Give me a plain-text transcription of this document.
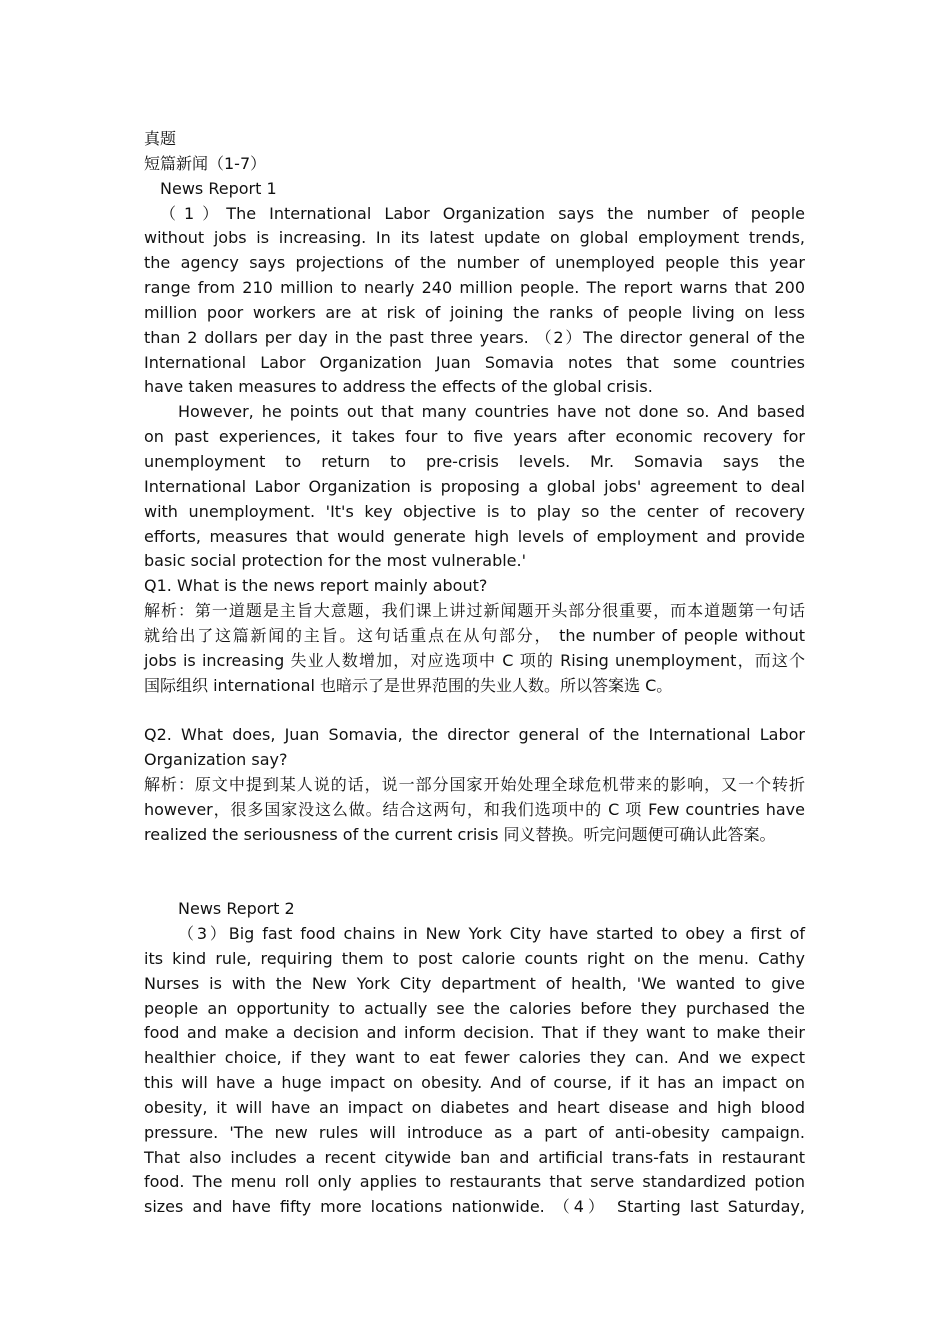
真题
短篇新闻（1-7）
News Report 1
（1）The International Labor Organization says the number of people
without jobs is increasing. In its latest update on global employment trends,
the agency says projections of the number of unemployed people this year
range from 210 million to nearly 240 million people. The report warns that 200
million poor workers are at risk of joining the ranks of people living on less
than 2 dollars per day in the past three years. （2）The director general of the
International Labor Organization Juan Somavia notes that some countries
have taken measures to address the effects of the global crisis.
However, he points out that many countries have not done so. And based
on past experiences, it takes four to five years after economic recovery for
unemployment to return to pre-crisis levels. Mr. Somavia says the
International Labor Organization is proposing a global jobs' agreement to deal
with unemployment. 'It's key objective is to play so the center of recovery
efforts, measures that would generate high levels of employment and provide
basic social protection for the most vulnerable.'
Q1. What is the news report mainly about?
解析：第一道题是主旨大意题，我们课上讲过新闻题开头部分很重要，而本道题第一句话
就给出了这篇新闻的主旨。这句话重点在从句部分， the number of people without
jobs is increasing 失业人数增加，对应选项中 C 项的 Rising unemployment，而这个
国际组织 international 也暗示了是世界范围的失业人数。所以答案选 C。
Q2. What does, Juan Somavia, the director general of the International Labor
Organization say?
解析：原文中提到某人说的话，说一部分国家开始处理全球危机带来的影响，又一个转折
however，很多国家没这么做。结合这两句，和我们选项中的 C 项 Few countries have
realized the seriousness of the current crisis 同义替换。听完问题便可确认此答案。
News Report 2
（3）Big fast food chains in New York City have started to obey a first of
its kind rule, requiring them to post calorie counts right on the menu. Cathy
Nurses is with the New York City department of health, 'We wanted to give
people an opportunity to actually see the calories before they purchased the
food and make a decision and inform decision. That if they want to make their
healthier choice, if they want to eat fewer calories they can. And we expect
this will have a huge impact on obesity. And of course, if it has an impact on
obesity, it will have an impact on diabetes and heart disease and high blood
pressure. 'The new rules will introduce as a part of anti-obesity campaign.
That also includes a recent citywide ban and artificial trans-fats in restaurant
food. The menu roll only applies to restaurants that serve standardized potion
sizes and have fifty more locations nationwide. （4） Starting last Saturday,
